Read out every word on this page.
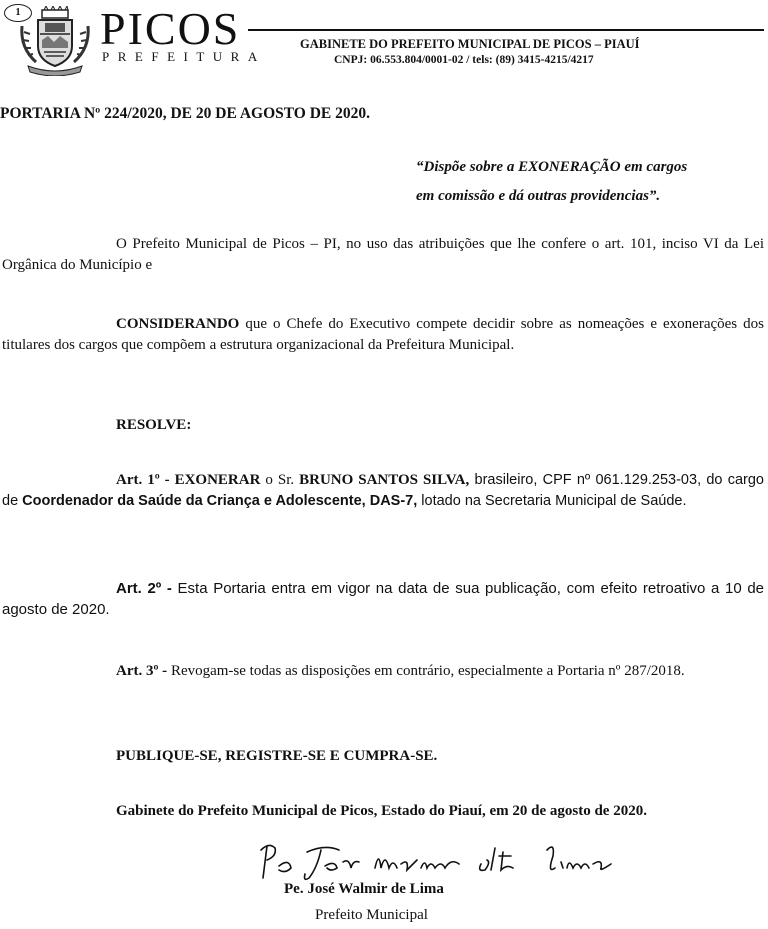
1 PICOS
PREFEITURA
GABINETE DO PREFEITO MUNICIPAL DE PICOS – PIAUÍ
CNPJ: 06.553.804/0001-02 / tels: (89) 3415-4215/4217
PORTARIA Nº 224/2020, DE 20 DE AGOSTO DE 2020.
“Dispõe sobre a EXONERAÇÃO em cargos
em comissão e dá outras providencias”.
O Prefeito Municipal de Picos – PI, no uso das atribuições que lhe confere o art. 101, inciso VI da Lei Orgânica do Município e
CONSIDERANDO que o Chefe do Executivo compete decidir sobre as nomeações e exonerações dos titulares dos cargos que compõem a estrutura organizacional da Prefeitura Municipal.
RESOLVE:
Art. 1º - EXONERAR o Sr. BRUNO SANTOS SILVA, brasileiro, CPF nº 061.129.253-03, do cargo de Coordenador da Saúde da Criança e Adolescente, DAS-7, lotado na Secretaria Municipal de Saúde.
Art. 2º - Esta Portaria entra em vigor na data de sua publicação, com efeito retroativo a 10 de agosto de 2020.
Art. 3º - Revogam-se todas as disposições em contrário, especialmente a Portaria nº 287/2018.
PUBLIQUE-SE, REGISTRE-SE E CUMPRA-SE.
Gabinete do Prefeito Municipal de Picos, Estado do Piauí, em 20 de agosto de 2020.
Pe. José Walmir de Lima
Prefeito Municipal
